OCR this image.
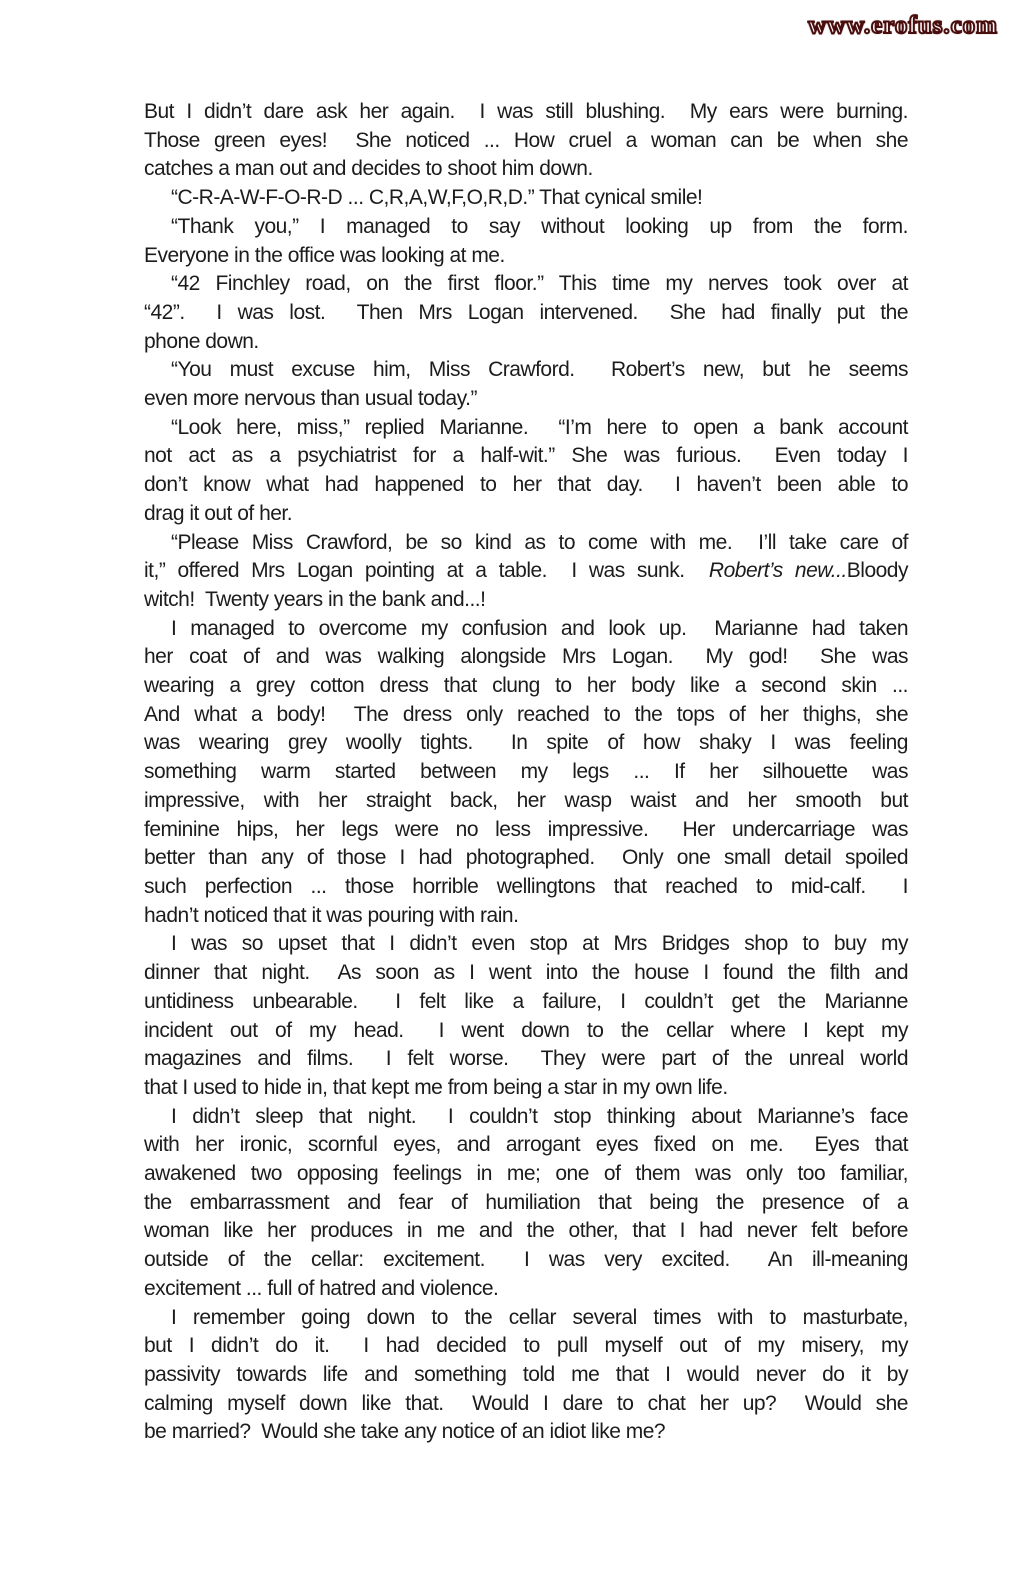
www.erofus.com
But I didn’t dare ask her again.  I was still blushing.  My ears were burning.
Those green eyes!  She noticed ... How cruel a woman can be when she
catches a man out and decides to shoot him down.
“C-R-A-W-F-O-R-D ... C,R,A,W,F,O,R,D.” That cynical smile!
“Thank you,” I managed to say without looking up from the form.
Everyone in the office was looking at me.
“42 Finchley road, on the first floor.” This time my nerves took over at
“42”.  I was lost.  Then Mrs Logan intervened.  She had finally put the
phone down.
“You must excuse him, Miss Crawford.  Robert’s new, but he seems
even more nervous than usual today.”
“Look here, miss,” replied Marianne.  “I’m here to open a bank account
not act as a psychiatrist for a half-wit.” She was furious.  Even today I
don’t know what had happened to her that day.  I haven’t been able to
drag it out of her.
“Please Miss Crawford, be so kind as to come with me.  I’ll take care of
it,” offered Mrs Logan pointing at a table.  I was sunk.  Robert’s new...Bloody
witch!  Twenty years in the bank and...!
I managed to overcome my confusion and look up.  Marianne had taken
her coat of and was walking alongside Mrs Logan.  My god!  She was
wearing a grey cotton dress that clung to her body like a second skin ...
And what a body!  The dress only reached to the tops of her thighs, she
was wearing grey woolly tights.  In spite of how shaky I was feeling
something warm started between my legs ... If her silhouette was
impressive, with her straight back, her wasp waist and her smooth but
feminine hips, her legs were no less impressive.  Her undercarriage was
better than any of those I had photographed.  Only one small detail spoiled
such perfection ... those horrible wellingtons that reached to mid-calf.  I
hadn’t noticed that it was pouring with rain.
I was so upset that I didn’t even stop at Mrs Bridges shop to buy my
dinner that night.  As soon as I went into the house I found the filth and
untidiness unbearable.  I felt like a failure, I couldn’t get the Marianne
incident out of my head.  I went down to the cellar where I kept my
magazines and films.  I felt worse.  They were part of the unreal world
that I used to hide in, that kept me from being a star in my own life.
I didn’t sleep that night.  I couldn’t stop thinking about Marianne’s face
with her ironic, scornful eyes, and arrogant eyes fixed on me.  Eyes that
awakened two opposing feelings in me; one of them was only too familiar,
the embarrassment and fear of humiliation that being the presence of a
woman like her produces in me and the other, that I had never felt before
outside of the cellar: excitement.  I was very excited.  An ill-meaning
excitement ... full of hatred and violence.
I remember going down to the cellar several times with to masturbate,
but I didn’t do it.  I had decided to pull myself out of my misery, my
passivity towards life and something told me that I would never do it by
calming myself down like that.  Would I dare to chat her up?  Would she
be married?  Would she take any notice of an idiot like me?
